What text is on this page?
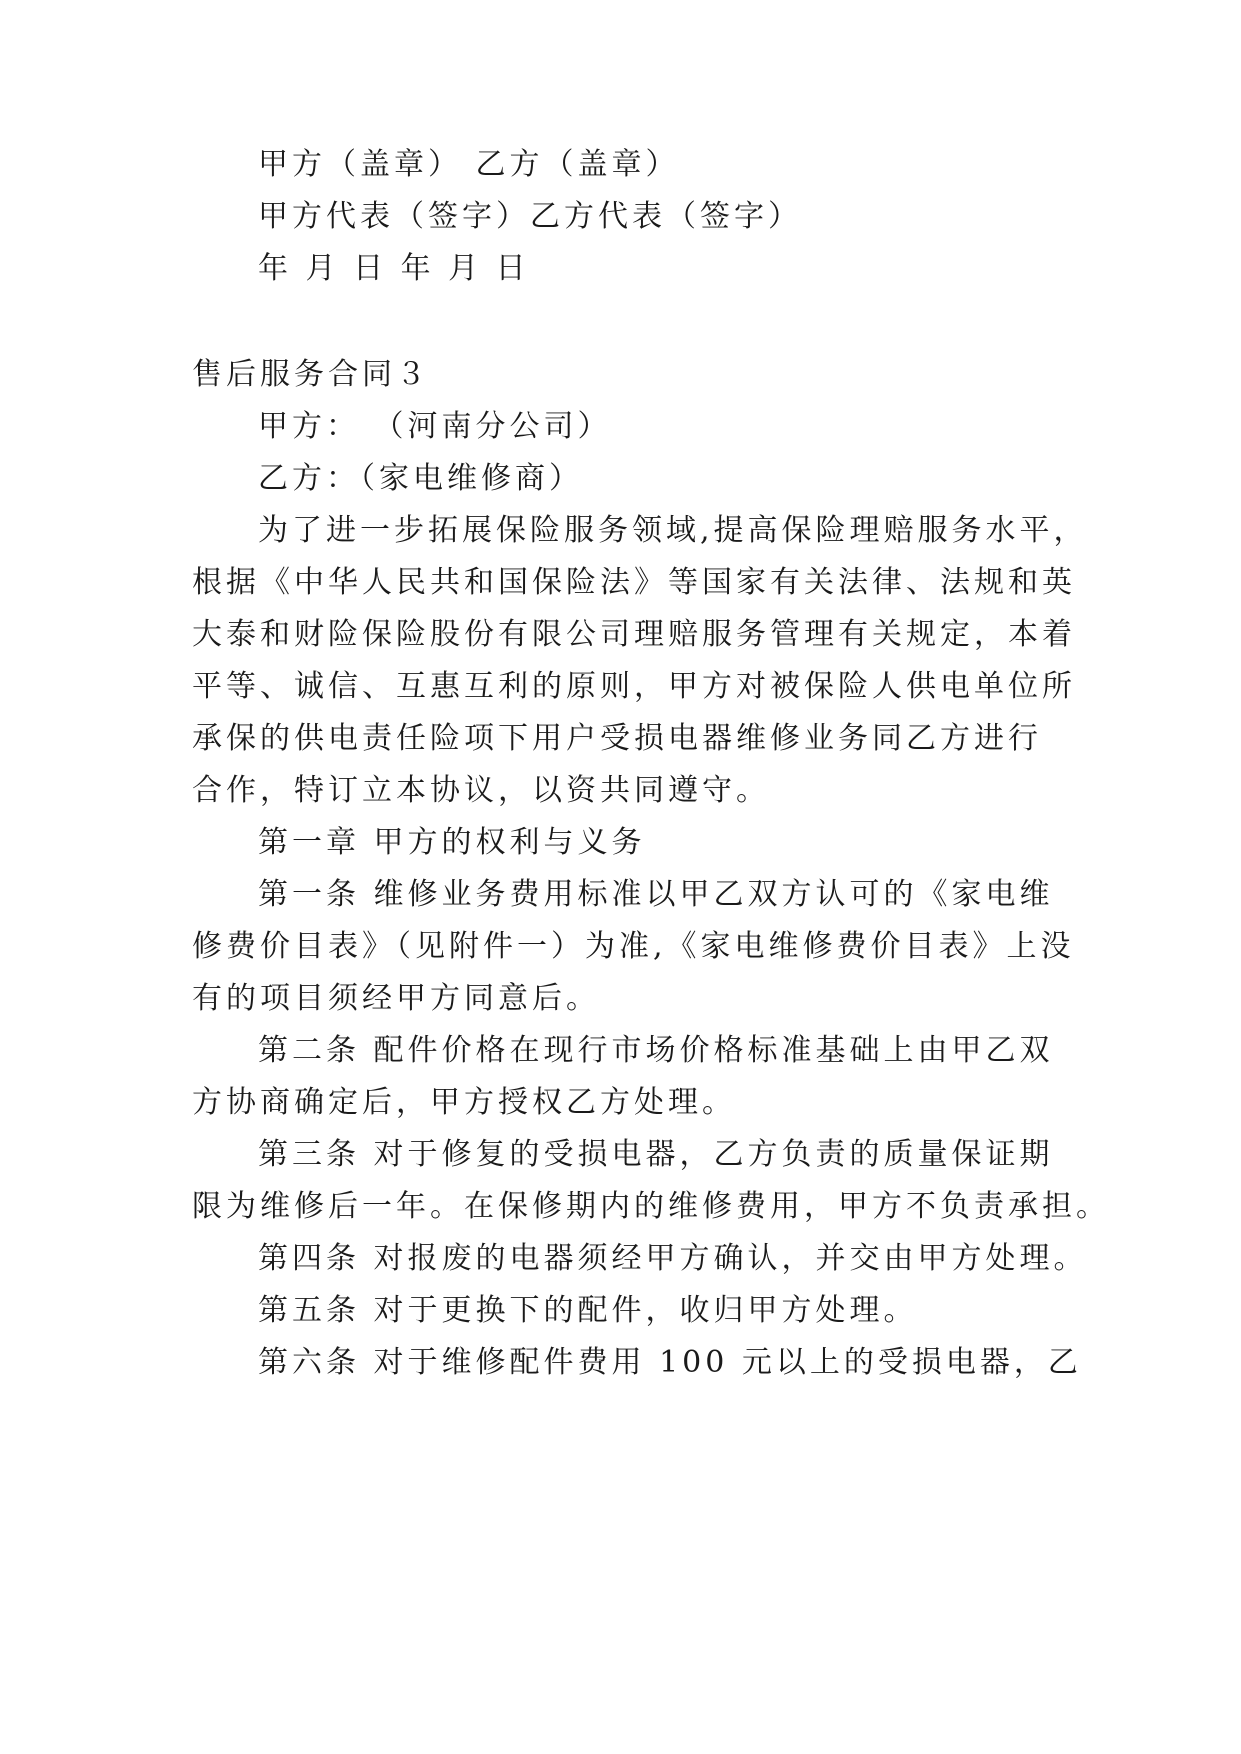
甲方（盖章） 乙方（盖章）
甲方代表（签字）乙方代表（签字）
年 月 日 年 月 日
售后服务合同３
甲方： （河南分公司）
乙方：（家电维修商）
为了进一步拓展保险服务领域,提高保险理赔服务水平，
根据《中华人民共和国保险法》等国家有关法律、法规和英
大泰和财险保险股份有限公司理赔服务管理有关规定，本着
平等、诚信、互惠互利的原则，甲方对被保险人供电单位所
承保的供电责任险项下用户受损电器维修业务同乙方进行
合作，特订立本协议，以资共同遵守。
第一章 甲方的权利与义务
第一条 维修业务费用标准以甲乙双方认可的《家电维
修费价目表》（见附件一）为准,《家电维修费价目表》上没
有的项目须经甲方同意后。
第二条 配件价格在现行市场价格标准基础上由甲乙双
方协商确定后，甲方授权乙方处理。
第三条 对于修复的受损电器，乙方负责的质量保证期
限为维修后一年。在保修期内的维修费用，甲方不负责承担。
第四条 对报废的电器须经甲方确认，并交由甲方处理。
第五条 对于更换下的配件，收归甲方处理。
第六条 对于维修配件费用 100 元以上的受损电器，乙
